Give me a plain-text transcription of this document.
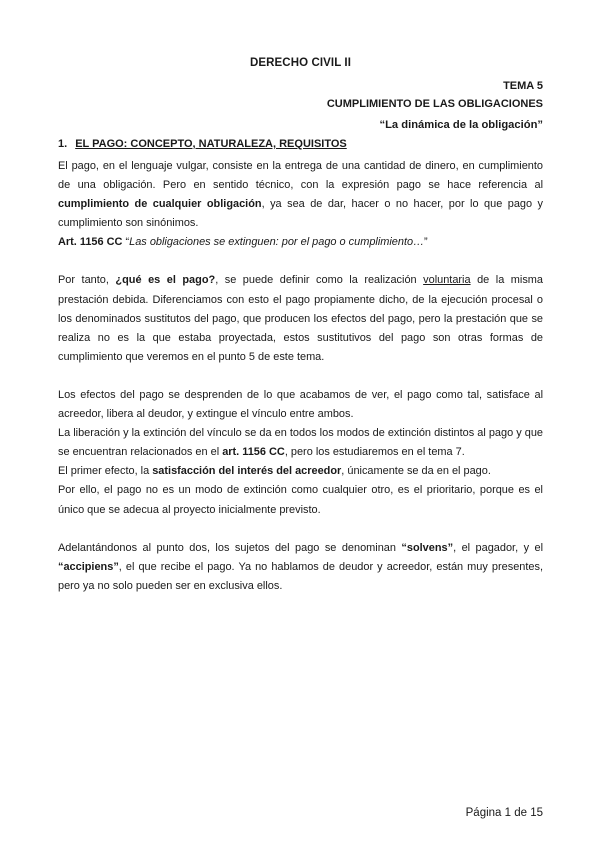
DERECHO CIVIL II
TEMA 5
CUMPLIMIENTO DE LAS OBLIGACIONES
“La dinámica de la obligación”
1. EL PAGO: CONCEPTO, NATURALEZA, REQUISITOS

El pago, en el lenguaje vulgar, consiste en la entrega de una cantidad de dinero, en cumplimiento de una obligación. Pero en sentido técnico, con la expresión pago se hace referencia al cumplimiento de cualquier obligación, ya sea de dar, hacer o no hacer, por lo que pago y cumplimiento son sinónimos.

Art. 1156 CC “Las obligaciones se extinguen: por el pago o cumplimiento…”

Por tanto, ¿qué es el pago?, se puede definir como la realización voluntaria de la misma prestación debida. Diferenciamos con esto el pago propiamente dicho, de la ejecución procesal o los denominados sustitutos del pago, que producen los efectos del pago, pero la prestación que se realiza no es la que estaba proyectada, estos sustitutivos del pago son otras formas de cumplimiento que veremos en el punto 5 de este tema.

Los efectos del pago se desprenden de lo que acabamos de ver, el pago como tal, satisface al acreedor, libera al deudor, y extingue el vínculo entre ambos.

La liberación y la extinción del vínculo se da en todos los modos de extinción distintos al pago y que se encuentran relacionados en el art. 1156 CC, pero los estudiaremos en el tema 7.

El primer efecto, la satisfacción del interés del acreedor, únicamente se da en el pago.

Por ello, el pago no es un modo de extinción como cualquier otro, es el prioritario, porque es el único que se adecua al proyecto inicialmente previsto.

Adelantándonos al punto dos, los sujetos del pago se denominan “solvens”, el pagador, y el “accipiens”, el que recibe el pago. Ya no hablamos de deudor y acreedor, están muy presentes, pero ya no solo pueden ser en exclusiva ellos.

Página 1 de 15
